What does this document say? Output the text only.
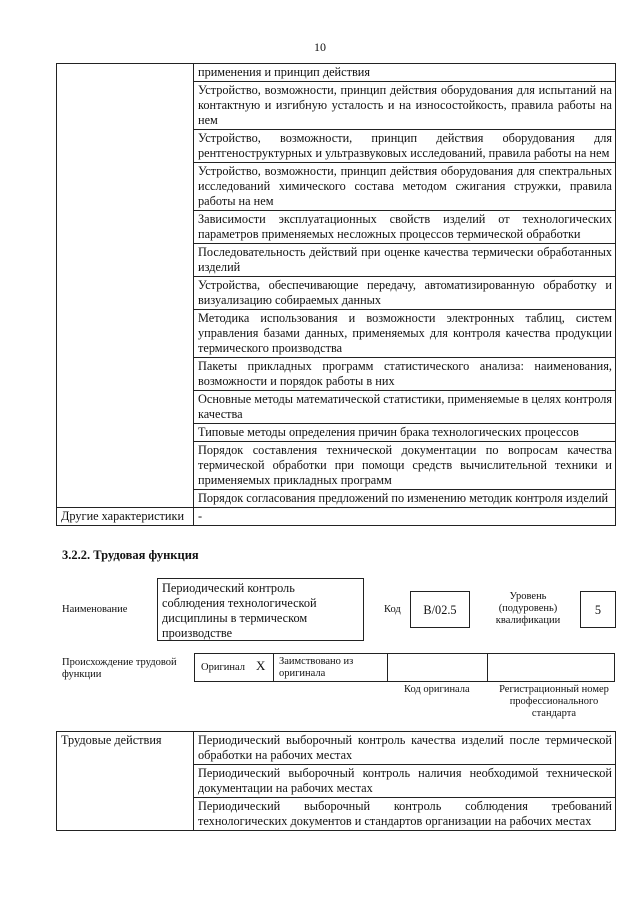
10
	применения и принцип действия
	Устройство, возможности, принцип действия оборудования для испытаний на контактную и изгибную усталость и на износостойкость, правила работы на нем
	Устройство, возможности, принцип действия оборудования для рентгеноструктурных и ультразвуковых исследований, правила работы на нем
	Устройство, возможности, принцип действия оборудования для спектральных исследований химического состава методом сжигания стружки, правила работы на нем
	Зависимости эксплуатационных свойств изделий от технологических параметров применяемых несложных процессов термической обработки
	Последовательность действий при оценке качества термически обработанных изделий
	Устройства, обеспечивающие передачу, автоматизированную обработку и визуализацию собираемых данных
	Методика использования и возможности электронных таблиц, систем управления базами данных, применяемых для контроля качества продукции термического производства
	Пакеты прикладных программ статистического анализа: наименования, возможности и порядок работы в них
	Основные методы математической статистики, применяемые в целях контроля качества
	Типовые методы определения причин брака технологических процессов
	Порядок составления технической документации по вопросам качества термической обработки при помощи средств вычислительной техники и применяемых прикладных программ
	Порядок согласования предложений по изменению методик контроля изделий
Другие характеристики	-
3.2.2. Трудовая функция
Наименование
Периодический контроль соблюдения технологической дисциплины в термическом производстве
Код	B/02.5
Уровень (подуровень) квалификации
5
Происхождение трудовой функции
Оригинал X Заимствовано из оригинала
Код оригинала	Регистрационный номер профессионального стандарта
Трудовые действия	Периодический выборочный контроль качества изделий после термической обработки на рабочих местах
Периодический выборочный контроль наличия необходимой технической документации на рабочих местах
Периодический выборочный контроль соблюдения требований технологических документов и стандартов организации на рабочих местах
